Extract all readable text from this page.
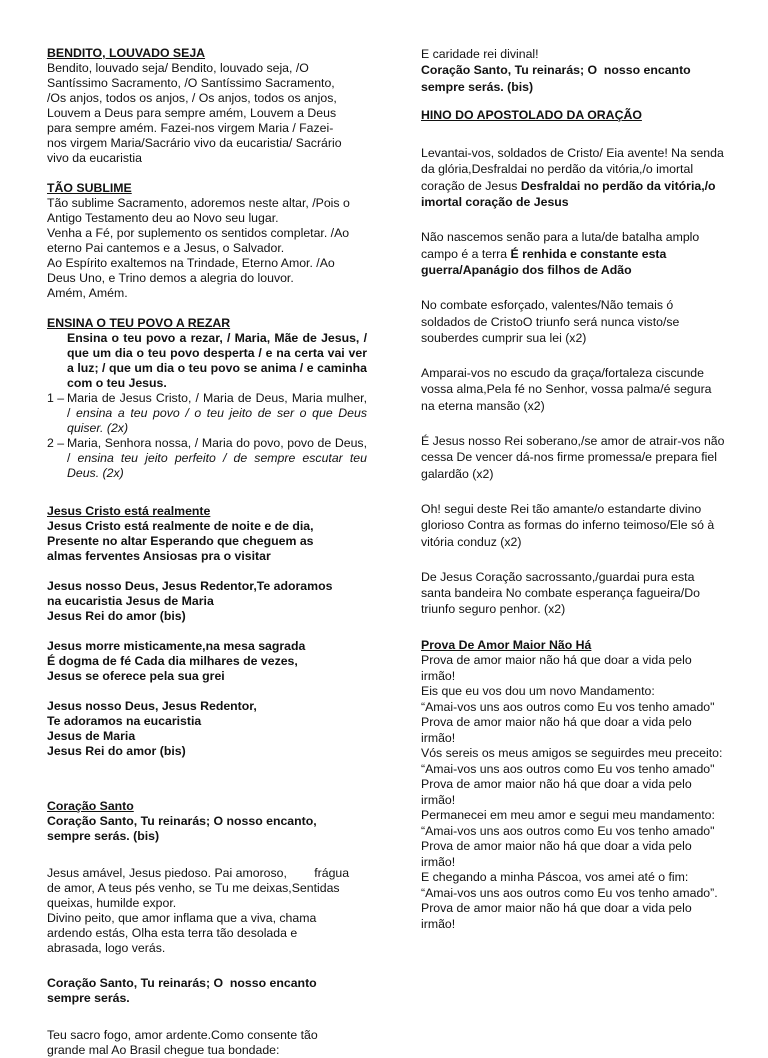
BENDITO, LOUVADO SEJA

Bendito, louvado seja/ Bendito, louvado seja, /O

Santíssimo Sacramento, /O Santíssimo Sacramento,

/Os anjos, todos os anjos, / Os anjos, todos os anjos,

Louvem a Deus para sempre amém, Louvem a Deus

para sempre amém. Fazei-nos virgem Maria / Fazei-

nos virgem Maria/Sacrário vivo da eucaristia/ Sacrário

vivo da eucaristia

TÃO SUBLIME

Tão sublime Sacramento, adoremos neste altar, /Pois o

Antigo Testamento deu ao Novo seu lugar.

Venha a Fé, por suplemento os sentidos completar. /Ao

eterno Pai cantemos e a Jesus, o Salvador.

Ao Espírito exaltemos na Trindade, Eterno Amor. /Ao

Deus Uno, e Trino demos a alegria do louvor.

Amém, Amém.

ENSINA O TEU POVO A REZAR

Ensina o teu povo a rezar, / Maria, Mãe de Jesus, / que um dia o teu povo desperta / e na certa vai ver a luz; / que um dia o teu povo se anima / e caminha com o teu Jesus.

1 – Maria de Jesus Cristo, / Maria de Deus, Maria mulher, / ensina a teu povo / o teu jeito de ser o que Deus quiser. (2x)
2 – Maria, Senhora nossa, / Maria do povo, povo de Deus, / ensina teu jeito perfeito / de sempre escutar teu Deus. (2x)

Jesus Cristo está realmente

Jesus Cristo está realmente de noite e de dia,

Presente no altar Esperando que cheguem as

almas ferventes Ansiosas pra o visitar

Jesus nosso Deus, Jesus Redentor,Te adoramos

na eucaristia Jesus de Maria

Jesus Rei do amor (bis)

Jesus morre misticamente,na mesa sagrada

É dogma de fé Cada dia milhares de vezes,

Jesus se oferece pela sua grei

Jesus nosso Deus, Jesus Redentor,

Te adoramos na eucaristia

Jesus de Maria

Jesus Rei do amor (bis)

Coração Santo

Coração Santo, Tu reinarás; O nosso encanto,

sempre serás. (bis)

Jesus amável, Jesus piedoso. Pai amoroso,        frágua

de amor, A teus pés venho, se Tu me deixas,Sentidas

queixas, humilde expor.

Divino peito, que amor inflama que a viva, chama

ardendo estás, Olha esta terra tão desolada e

abrasada, logo verás.

Coração Santo, Tu reinarás; O  nosso encanto

sempre serás.

Teu sacro fogo, amor ardente.Como consente tão

grande mal Ao Brasil chegue tua bondade:

E caridade rei divinal!

Coração Santo, Tu reinarás; O  nosso encanto

sempre serás. (bis)

HINO DO APOSTOLADO DA ORAÇÃO

Levantai-vos, soldados de Cristo/ Eia avente! Na senda

da glória,Desfraldai no perdão da vitória,/o imortal

coração de Jesus Desfraldai no perdão da vitória,/o

imortal coração de Jesus

Não nascemos senão para a luta/de batalha amplo

campo é a terra É renhida e constante esta

guerra/Apanágio dos filhos de Adão

No combate esforçado, valentes/Não temais ó

soldados de CristoO triunfo será nunca visto/se

souberdes cumprir sua lei (x2)

Amparai-vos no escudo da graça/fortaleza ciscunde

vossa alma,Pela fé no Senhor, vossa palma/é segura

na eterna mansão (x2)

É Jesus nosso Rei soberano,/se amor de atrair-vos não

cessa De vencer dá-nos firme promessa/e prepara fiel

galardão (x2)

Oh! segui deste Rei tão amante/o estandarte divino

glorioso Contra as formas do inferno teimoso/Ele só à

vitória conduz (x2)

De Jesus Coração sacrossanto,/guardai pura esta

santa bandeira No combate esperança fagueira/Do

triunfo seguro penhor. (x2)

Prova De Amor Maior Não Há

Prova de amor maior não há que doar a vida pelo

irmão!

Eis que eu vos dou um novo Mandamento:

“Amai-vos uns aos outros como Eu vos tenho amado"

Prova de amor maior não há que doar a vida pelo

irmão!

Vós sereis os meus amigos se seguirdes meu preceito:

“Amai-vos uns aos outros como Eu vos tenho amado"

Prova de amor maior não há que doar a vida pelo

irmão!

Permanecei em meu amor e segui meu mandamento:

“Amai-vos uns aos outros como Eu vos tenho amado"

Prova de amor maior não há que doar a vida pelo

irmão!

E chegando a minha Páscoa, vos amei até o fim:

“Amai-vos uns aos outros como Eu vos tenho amado”.

Prova de amor maior não há que doar a vida pelo

irmão!
